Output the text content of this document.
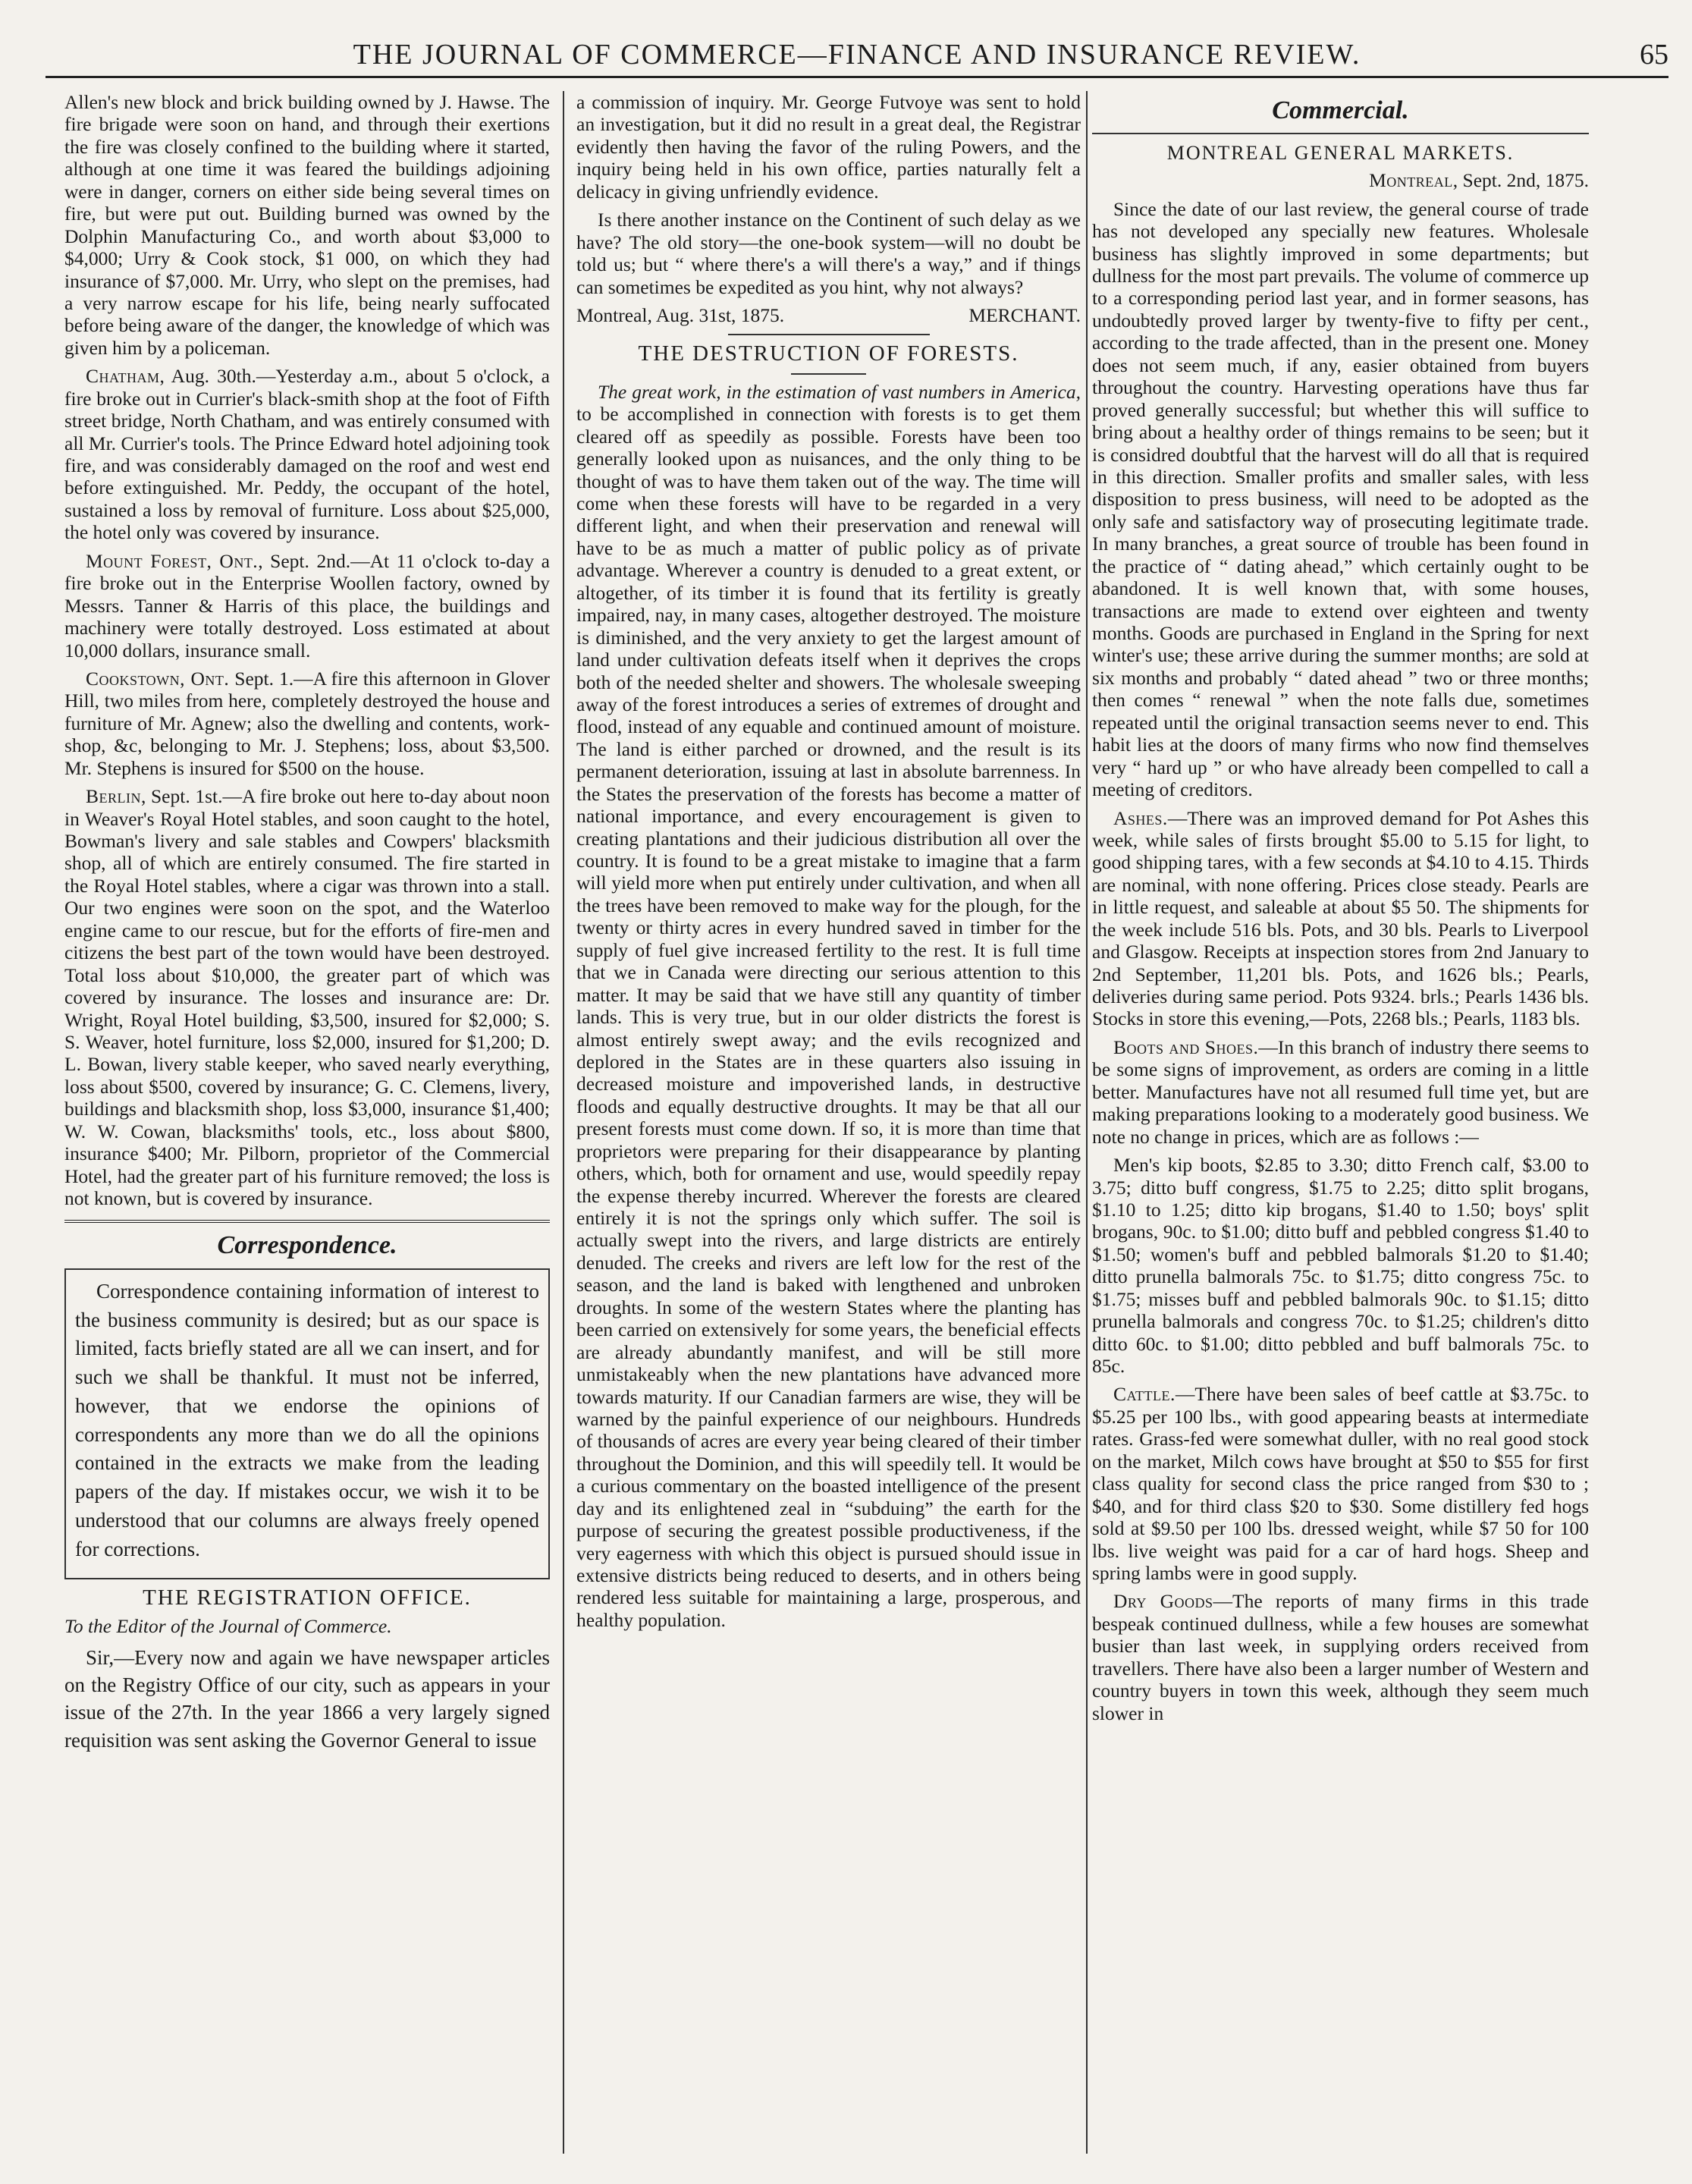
THE JOURNAL OF COMMERCE—FINANCE AND INSURANCE REVIEW.	65

Allen's new block and brick building owned by J. Hawse. The fire brigade were soon on hand, and through their exertions the fire was closely confined to the building where it started, although at one time it was feared the buildings adjoining were in danger, corners on either side being several times on fire, but were put out. Building burned was owned by the Dolphin Manufacturing Co., and worth about $3,000 to $4,000; Urry & Cook stock, $1 000, on which they had insurance of $7,000. Mr. Urry, who slept on the premises, had a very narrow escape for his life, being nearly suffocated before being aware of the danger, the knowledge of which was given him by a policeman.

Chatham, Aug. 30th.—Yesterday a.m., about 5 o'clock, a fire broke out in Currier's black-smith shop at the foot of Fifth street bridge, North Chatham, and was entirely consumed with all Mr. Currier's tools. The Prince Edward hotel adjoining took fire, and was considerably damaged on the roof and west end before extinguished. Mr. Peddy, the occupant of the hotel, sustained a loss by removal of furniture. Loss about $25,000, the hotel only was covered by insurance.

Mount Forest, Ont., Sept. 2nd.—At 11 o'clock to-day a fire broke out in the Enterprise Woollen factory, owned by Messrs. Tanner & Harris of this place, the buildings and machinery were totally destroyed. Loss estimated at about 10,000 dollars, insurance small.

Cookstown, Ont. Sept. 1.—A fire this afternoon in Glover Hill, two miles from here, completely destroyed the house and furniture of Mr. Agnew; also the dwelling and contents, work-shop, &c, belonging to Mr. J. Stephens; loss, about $3,500. Mr. Stephens is insured for $500 on the house.

Berlin, Sept. 1st.—A fire broke out here to-day about noon in Weaver's Royal Hotel stables, and soon caught to the hotel, Bowman's livery and sale stables and Cowpers' blacksmith shop, all of which are entirely consumed. The fire started in the Royal Hotel stables, where a cigar was thrown into a stall. Our two engines were soon on the spot, and the Waterloo engine came to our rescue, but for the efforts of fire-men and citizens the best part of the town would have been destroyed. Total loss about $10,000, the greater part of which was covered by insurance. The losses and insurance are: Dr. Wright, Royal Hotel building, $3,500, insured for $2,000; S. S. Weaver, hotel furniture, loss $2,000, insured for $1,200; D. L. Bowan, livery stable keeper, who saved nearly everything, loss about $500, covered by insurance; G. C. Clemens, livery, buildings and blacksmith shop, loss $3,000, insurance $1,400; W. W. Cowan, blacksmiths' tools, etc., loss about $800, insurance $400; Mr. Pilborn, proprietor of the Commercial Hotel, had the greater part of his furniture removed; the loss is not known, but is covered by insurance.

Correspondence.

Correspondence containing information of interest to the business community is desired; but as our space is limited, facts briefly stated are all we can insert, and for such we shall be thankful. It must not be inferred, however, that we endorse the opinions of correspondents any more than we do all the opinions contained in the extracts we make from the leading papers of the day. If mistakes occur, we wish it to be understood that our columns are always freely opened for corrections.

THE REGISTRATION OFFICE.

To the Editor of the Journal of Commerce.

Sir,—Every now and again we have newspaper articles on the Registry Office of our city, such as appears in your issue of the 27th. In the year 1866 a very largely signed requisition was sent asking the Governor General to issue

a commission of inquiry. Mr. George Futvoye was sent to hold an investigation, but it did no result in a great deal, the Registrar evidently then having the favor of the ruling Powers, and the inquiry being held in his own office, parties naturally felt a delicacy in giving unfriendly evidence.

Is there another instance on the Continent of such delay as we have? The old story—the one-book system—will no doubt be told us; but “ where there's a will there's a way,” and if things can sometimes be expedited as you hint, why not always?

Montreal, Aug. 31st, 1875.	MERCHANT.
THE DESTRUCTION OF FORESTS.

The great work, in the estimation of vast numbers in America, to be accomplished in connection with forests is to get them cleared off as speedily as possible. Forests have been too generally looked upon as nuisances, and the only thing to be thought of was to have them taken out of the way. The time will come when these forests will have to be regarded in a very different light, and when their preservation and renewal will have to be as much a matter of public policy as of private advantage. Wherever a country is denuded to a great extent, or altogether, of its timber it is found that its fertility is greatly impaired, nay, in many cases, altogether destroyed. The moisture is diminished, and the very anxiety to get the largest amount of land under cultivation defeats itself when it deprives the crops both of the needed shelter and showers. The wholesale sweeping away of the forest introduces a series of extremes of drought and flood, instead of any equable and continued amount of moisture. The land is either parched or drowned, and the result is its permanent deterioration, issuing at last in absolute barrenness. In the States the preservation of the forests has become a matter of national importance, and every encouragement is given to creating plantations and their judicious distribution all over the country. It is found to be a great mistake to imagine that a farm will yield more when put entirely under cultivation, and when all the trees have been removed to make way for the plough, for the twenty or thirty acres in every hundred saved in timber for the supply of fuel give increased fertility to the rest. It is full time that we in Canada were directing our serious attention to this matter. It may be said that we have still any quantity of timber lands. This is very true, but in our older districts the forest is almost entirely swept away; and the evils recognized and deplored in the States are in these quarters also issuing in decreased moisture and impoverished lands, in destructive floods and equally destructive droughts. It may be that all our present forests must come down. If so, it is more than time that proprietors were preparing for their disappearance by planting others, which, both for ornament and use, would speedily repay the expense thereby incurred. Wherever the forests are cleared entirely it is not the springs only which suffer. The soil is actually swept into the rivers, and large districts are entirely denuded. The creeks and rivers are left low for the rest of the season, and the land is baked with lengthened and unbroken droughts. In some of the western States where the planting has been carried on extensively for some years, the beneficial effects are already abundantly manifest, and will be still more unmistakeably when the new plantations have advanced more towards maturity. If our Canadian farmers are wise, they will be warned by the painful experience of our neighbours. Hundreds of thousands of acres are every year being cleared of their timber throughout the Dominion, and this will speedily tell. It would be a curious commentary on the boasted intelligence of the present day and its enlightened zeal in “subduing” the earth for the purpose of securing the greatest possible productiveness, if the very eagerness with which this object is pursued should issue in extensive districts being reduced to deserts, and in others being rendered less suitable for maintaining a large, prosperous, and healthy population.

Commercial.
MONTREAL GENERAL MARKETS.
Montreal, Sept. 2nd, 1875.

Since the date of our last review, the general course of trade has not developed any specially new features. Wholesale business has slightly improved in some departments; but dullness for the most part prevails. The volume of commerce up to a corresponding period last year, and in former seasons, has undoubtedly proved larger by twenty-five to fifty per cent., according to the trade affected, than in the present one. Money does not seem much, if any, easier obtained from buyers throughout the country. Harvesting operations have thus far proved generally successful; but whether this will suffice to bring about a healthy order of things remains to be seen; but it is considred doubtful that the harvest will do all that is required in this direction. Smaller profits and smaller sales, with less disposition to press business, will need to be adopted as the only safe and satisfactory way of prosecuting legitimate trade. In many branches, a great source of trouble has been found in the practice of “ dating ahead,” which certainly ought to be abandoned. It is well known that, with some houses, transactions are made to extend over eighteen and twenty months. Goods are purchased in England in the Spring for next winter's use; these arrive during the summer months; are sold at six months and probably “ dated ahead ” two or three months; then comes “ renewal ” when the note falls due, sometimes repeated until the original transaction seems never to end. This habit lies at the doors of many firms who now find themselves very “ hard up ” or who have already been compelled to call a meeting of creditors.

Ashes.—There was an improved demand for Pot Ashes this week, while sales of firsts brought $5.00 to 5.15 for light, to good shipping tares, with a few seconds at $4.10 to 4.15. Thirds are nominal, with none offering. Prices close steady. Pearls are in little request, and saleable at about $5 50. The shipments for the week include 516 bls. Pots, and 30 bls. Pearls to Liverpool and Glasgow. Receipts at inspection stores from 2nd January to 2nd September, 11,201 bls. Pots, and 1626 bls.; Pearls, deliveries during same period. Pots 9324. brls.; Pearls 1436 bls. Stocks in store this evening,—Pots, 2268 bls.; Pearls, 1183 bls.

Boots and Shoes.—In this branch of industry there seems to be some signs of improvement, as orders are coming in a little better. Manufactures have not all resumed full time yet, but are making preparations looking to a moderately good business. We note no change in prices, which are as follows :—

Men's kip boots, $2.85 to 3.30; ditto French calf, $3.00 to 3.75; ditto buff congress, $1.75 to 2.25; ditto split brogans, $1.10 to 1.25; ditto kip brogans, $1.40 to 1.50; boys' split brogans, 90c. to $1.00; ditto buff and pebbled congress $1.40 to $1.50; women's buff and pebbled balmorals $1.20 to $1.40; ditto prunella balmorals 75c. to $1.75; ditto congress 75c. to $1.75; misses buff and pebbled balmorals 90c. to $1.15; ditto prunella balmorals and congress 70c. to $1.25; children's ditto ditto 60c. to $1.00; ditto pebbled and buff balmorals 75c. to 85c.

Cattle.—There have been sales of beef cattle at $3.75c. to $5.25 per 100 lbs., with good appearing beasts at intermediate rates. Grass-fed were somewhat duller, with no real good stock on the market, Milch cows have brought at $50 to $55 for first class quality for second class the price ranged from $30 to ; $40, and for third class $20 to $30. Some distillery fed hogs sold at $9.50 per 100 lbs. dressed weight, while $7 50 for 100 lbs. live weight was paid for a car of hard hogs. Sheep and spring lambs were in good supply.

Dry Goods—The reports of many firms in this trade bespeak continued dullness, while a few houses are somewhat busier than last week, in supplying orders received from travellers. There have also been a larger number of Western and country buyers in town this week, although they seem much slower in
